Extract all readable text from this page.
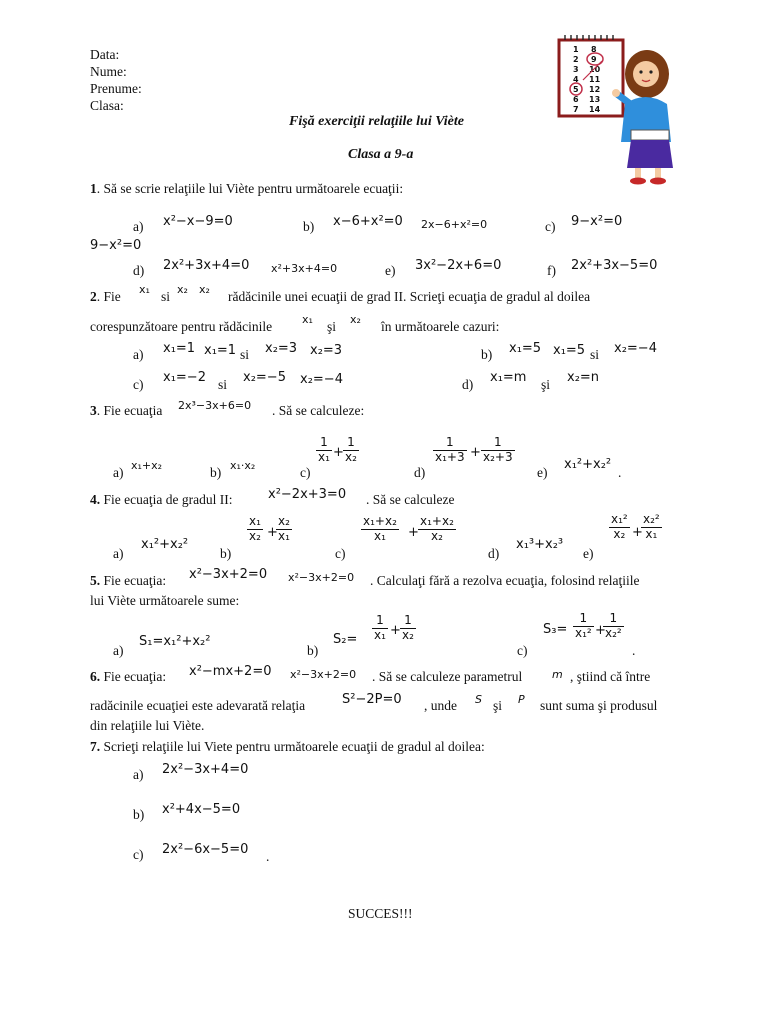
Data:
Nume:
Prenume:
Clasa:
Fişă exerciţii relaţiile lui Viète
Clasa a 9-a
1 8
2 9
3 10
4 11
5 12
6 13
7 14
1. Să se scrie relaţiile lui Viète pentru următoarele ecuaţii:
a) x²−x−9=0	b) x−6+x²=0 2x−6+x²=0	c) 9−x²=0
9−x²=0
d) 2x²+3x+4=0 x²+3x+4=0	e) 3x²−2x+6=0	f) 2x²+3x−5=0
2. Fie x₁ si x₂ x₂ rădăcinile unei ecuaţii de grad II. Scrieţi ecuaţia de gradul al doilea
corespunzătoare pentru rădăcinile	x₁ şi x₂ în următoarele cazuri:
a) x₁=1 x₁=1 si x₂=3 x₂=3	b) x₁=5 x₁=5 si x₂=−4
c) x₁=−2 si x₂=−5 x₂=−4	d) x₁=m şi x₂=n
3. Fie ecuaţia 2x³−3x+6=0 . Să se calculeze:
a) x₁+x₂	b) x₁·x₂	c)
$\frac{1}{\text{x₁}} + \frac{1}{\text{x₂}}$
d)
$\frac{1}{\text{x₁+3}} + \frac{1}{\text{x₂+3}}$
e)
x₁²+x₂²
.
4. Fie ecuaţia de gradul II:	x²−2x+3=0 . Să se calculeze
a)
x₁²+x₂²
b)
$\frac{\text{x₁}}{\text{x₂}}$ +
$\frac{\text{x₂}}{\text{x₁}}$
c)
$\frac{\text{x₁+x₂}}{\text{x₁}} + \frac{\text{x₁+x₂}}{\text{x₂}}$
d)
x₁³+x₂³
e)
$\frac{\text{x₁²}}{\text{x₂}}$ +
$\frac{\text{x₂²}}{\text{x₁}}$
5. Fie ecuaţia: x²−3x+2=0 x²−3x+2=0 . Calculaţi fără a rezolva ecuaţia, folosind relaţiile
lui Viète următoarele sume:
a)
S₁=x₁²+x₂²
b)
$S_2= \frac{1}{\text{x₁}} + \frac{1}{\text{x₂}}$
c)
$S_3= \frac{1}{\text{x₁²}}$ +
$\frac{1}{\text{x₂²}}$
.
6. Fie ecuaţia: x²−mx+2=0 x²−3x+2=0 . Să se calculeze parametrul	m , ştiind că între
radăcinile ecuaţiei este adevarată relaţia	S²−2P=0 , unde S şi P sunt suma şi produsul
din relaţiile lui Viète.
7. Scrieţi relaţiile lui Viete pentru următoarele ecuaţii de gradul al doilea:
a) 2x²−3x+4=0
b) x²+4x−5=0
c) 2x²−6x−5=0 .
SUCCES!!!
